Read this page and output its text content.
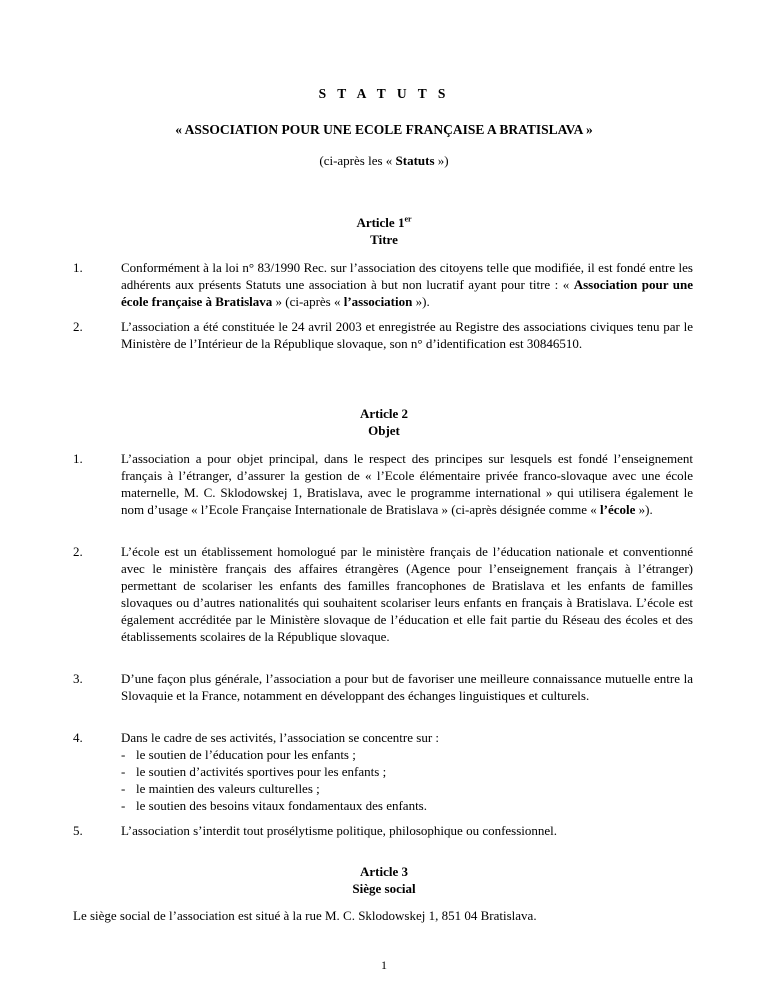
S T A T U T S
« ASSOCIATION POUR UNE ECOLE FRANÇAISE A BRATISLAVA »
(ci-après les « Statuts »)
Article 1er
Titre
1.	Conformément à la loi n° 83/1990 Rec. sur l’association des citoyens telle que modifiée, il est fondé entre les adhérents aux présents Statuts une association à but non lucratif ayant pour titre : « Association pour une école française à Bratislava » (ci-après « l’association »).
2.	L’association a été constituée le 24 avril 2003 et enregistrée au Registre des associations civiques tenu par le Ministère de l’Intérieur de la République slovaque, son n° d’identification est 30846510.
Article 2
Objet
1.	L’association a pour objet principal, dans le respect des principes sur lesquels est fondé l’enseignement français à l’étranger, d’assurer la gestion de « l’Ecole élémentaire privée franco-slovaque avec une école maternelle, M. C. Sklodowskej 1, Bratislava, avec le programme international » qui utilisera également le nom d’usage « l’Ecole Française Internationale de Bratislava » (ci-après désignée comme « l’école »).
2.	L’école est un établissement homologué par le ministère français de l’éducation nationale et conventionné avec le ministère français des affaires étrangères (Agence pour l’enseignement français à l’étranger) permettant de scolariser les enfants des familles francophones de Bratislava et les enfants de familles slovaques ou d’autres nationalités qui souhaitent scolariser leurs enfants en français à Bratislava. L’école est également accréditée par le Ministère slovaque de l’éducation et elle fait partie du Réseau des écoles et des établissements scolaires de la République slovaque.
3.	D’une façon plus générale, l’association a pour but de favoriser une meilleure connaissance mutuelle entre la Slovaquie et la France, notamment en développant des échanges linguistiques et culturels.
4.	Dans le cadre de ses activités, l’association se concentre sur :
- le soutien de l’éducation pour les enfants ;
- le soutien d’activités sportives pour les enfants ;
- le maintien des valeurs culturelles ;
- le soutien des besoins vitaux fondamentaux des enfants.
5.	L’association s’interdit tout prosélytisme politique, philosophique ou confessionnel.
Article 3
Siège social
Le siège social de l’association est situé à la rue M. C. Sklodowskej 1, 851 04 Bratislava.
1
